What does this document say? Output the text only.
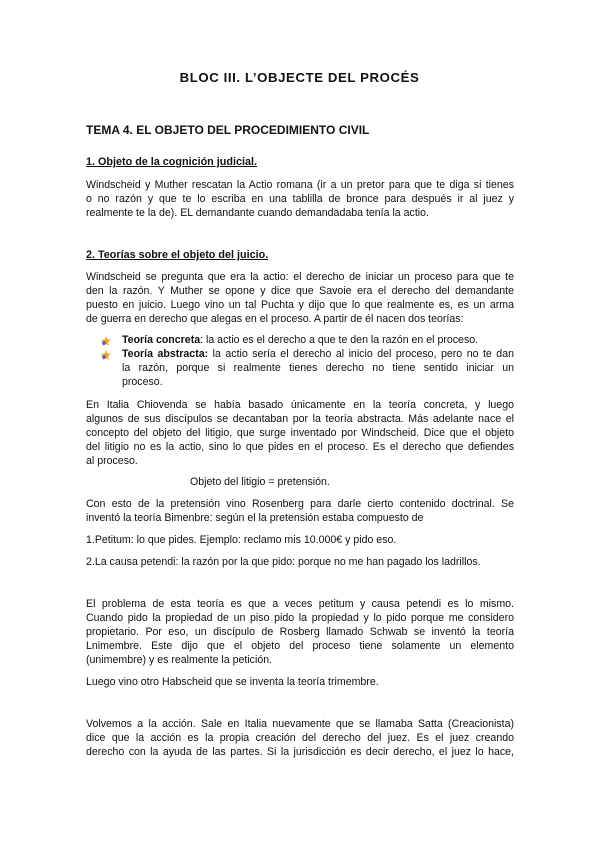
BLOC III. L’OBJECTE DEL PROCÉS
TEMA 4. EL OBJETO DEL PROCEDIMIENTO CIVIL
1. Objeto de la cognición judicial.
Windscheid y Muther rescatan la Actio romana (ir a un pretor para que te diga si tienes
o no razón y que te lo escriba en una tablilla de bronce para después ir al juez y
realmente te la de). EL demandante cuando demandadaba tenía la actio.
2. Teorías sobre el objeto del juicio.
Windscheid se pregunta que era la actio: el derecho de iniciar un proceso para que te
den la razón. Y Muther se opone y dice que Savoie era el derecho del demandante
puesto en juicio. Luego vino un tal Puchta y dijo que lo que realmente es, es un arma
de guerra en derecho que alegas en el proceso. A partir de él nacen dos teorías:
Teoría concreta: la actio es el derecho a que te den la razón en el proceso.
Teoría abstracta: la actio sería el derecho al inicio del proceso, pero no te dan
la razón, porque si realmente tienes derecho no tiene sentido iniciar un
proceso.
En Italia Chiovenda se había basado únicamente en la teoría concreta, y luego
algunos de sus discípulos se decantaban por la teoría abstracta. Más adelante nace el
concepto del objeto del litigio, que surge inventado por Windscheid. Dice que el objeto
del litigio no es la actio, sino lo que pides en el proceso. Es el derecho que defiendes
al proceso.
Objeto del litigio = pretensión.
Con esto de la pretensión vino Rosenberg para darle cierto contenido doctrinal. Se
inventó la teoría Bimenbre: según el la pretensión estaba compuesto de
1.Petitum: lo que pides. Ejemplo: reclamo mis 10.000€ y pido eso.
2.La causa petendi: la razón por la que pido: porque no me han pagado los ladrillos.
El problema de esta teoría es que a veces petitum y causa petendi es lo mismo.
Cuando pido la propiedad de un piso pido la propiedad y lo pido porque me considero
propietario. Por eso, un discípulo de Rosberg llamado Schwab se inventó la teoría
Lnimembre. Este dijo que el objeto del proceso tiene solamente un elemento
(unimembre) y es realmente la petición.
Luego vino otro Habscheid que se inventa la teoría trimembre.
Volvemos a la acción. Sale en Italia nuevamente que se llamaba Satta (Creacionista)
dice que la acción es la propia creación del derecho del juez. Es el juez creando
derecho con la ayuda de las partes. Si la jurisdicción es decir derecho, el juez lo hace,
